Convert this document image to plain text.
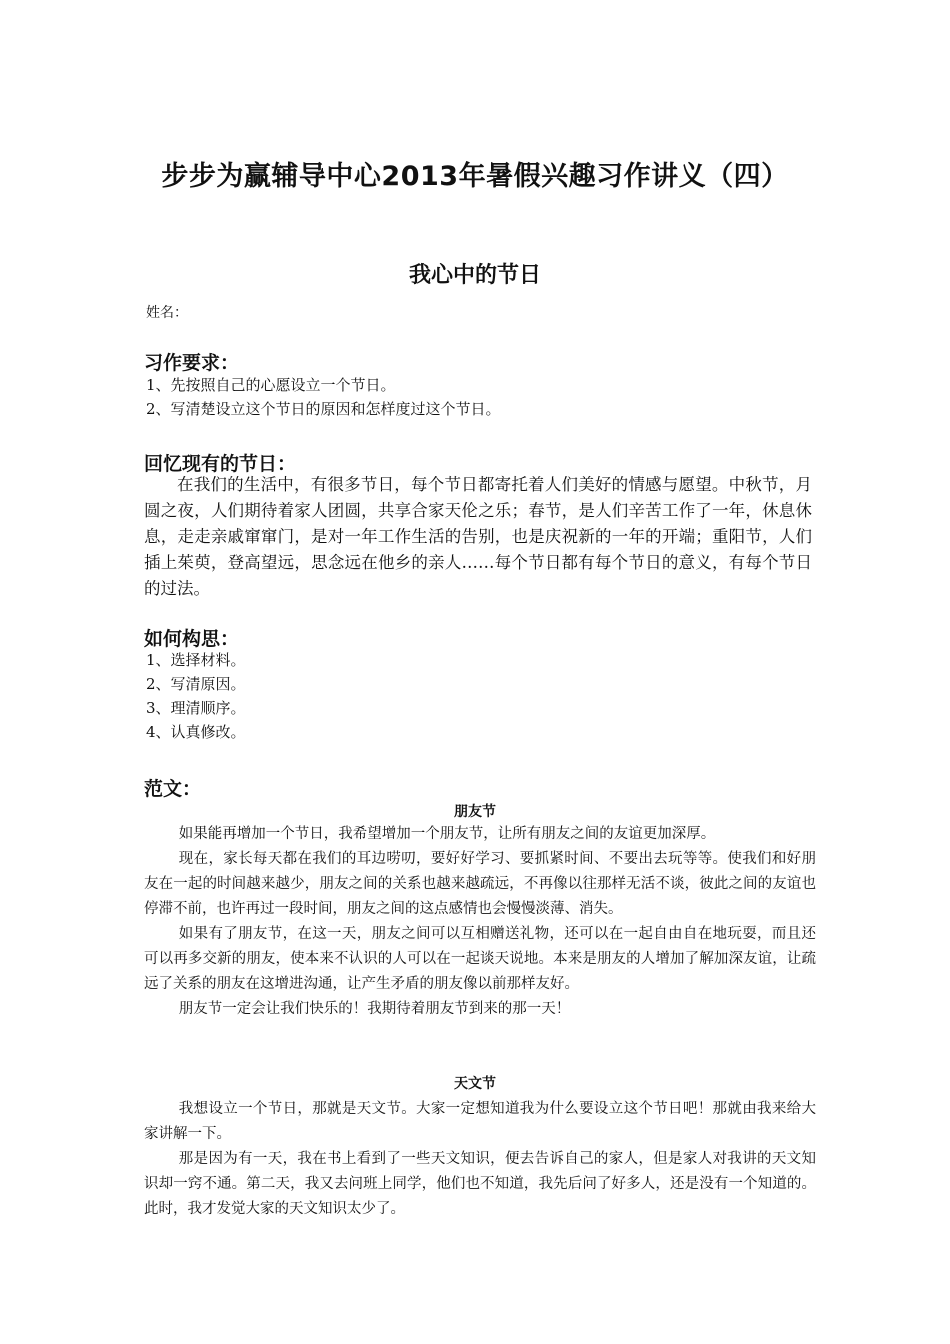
步步为赢辅导中心2013年暑假兴趣习作讲义（四）
我心中的节日
姓名：
习作要求：
1、先按照自己的心愿设立一个节日。
2、写清楚设立这个节日的原因和怎样度过这个节日。
回忆现有的节日：

在我们的生活中，有很多节日，每个节日都寄托着人们美好的情感与愿望。中秋节，月圆之夜，人们期待着家人团圆，共享合家天伦之乐；春节，是人们辛苦工作了一年，休息休息，走走亲戚窜窜门，是对一年工作生活的告别，也是庆祝新的一年的开端；重阳节，人们插上茱萸，登高望远，思念远在他乡的亲人……每个节日都有每个节日的意义，有每个节日的过法。

如何构思：
1、选择材料。
2、写清原因。
3、理清顺序。
4、认真修改。
范文：
朋友节

如果能再增加一个节日，我希望增加一个朋友节，让所有朋友之间的友谊更加深厚。

现在，家长每天都在我们的耳边唠叨，要好好学习、要抓紧时间、不要出去玩等等。使我们和好朋友在一起的时间越来越少，朋友之间的关系也越来越疏远，不再像以往那样无活不谈，彼此之间的友谊也停滞不前，也许再过一段时间，朋友之间的这点感情也会慢慢淡薄、消失。

如果有了朋友节，在这一天，朋友之间可以互相赠送礼物，还可以在一起自由自在地玩耍，而且还可以再多交新的朋友，使本来不认识的人可以在一起谈天说地。本来是朋友的人增加了解加深友谊，让疏远了关系的朋友在这增进沟通，让产生矛盾的朋友像以前那样友好。

朋友节一定会让我们快乐的！我期待着朋友节到来的那一天！

天文节

我想设立一个节日，那就是天文节。大家一定想知道我为什么要设立这个节日吧！那就由我来给大家讲解一下。

那是因为有一天，我在书上看到了一些天文知识，便去告诉自己的家人，但是家人对我讲的天文知识却一窍不通。第二天，我又去问班上同学，他们也不知道，我先后问了好多人，还是没有一个知道的。此时，我才发觉大家的天文知识太少了。
